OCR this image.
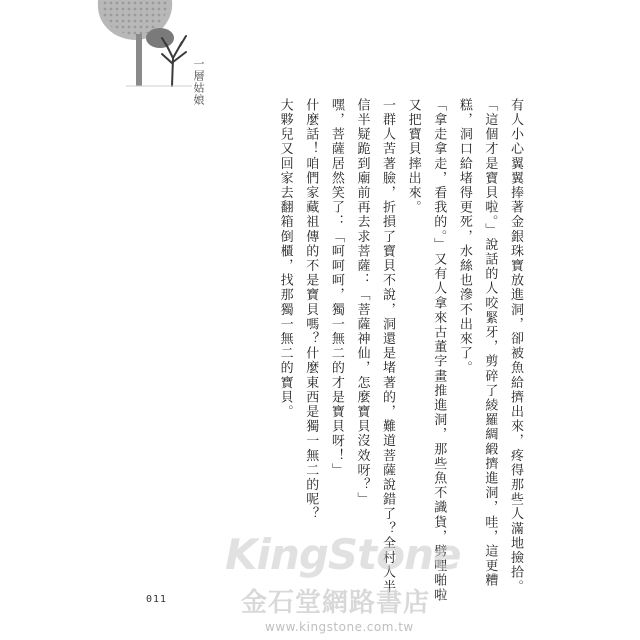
一層姑娘

有人小心翼翼捧著金銀珠寶放進洞，卻被魚給擠出來，疼得那些人滿地撿拾。

「這個才是寶貝啦。」說話的人咬緊牙，剪碎了綾羅綢緞擠進洞，哇，這更糟糕，洞口給堵得更死，水絲也滲不出來了。

「拿走拿走，看我的。」又有人拿來古董字畫推進洞，那些魚不識貨，劈哩啪啦又把寶貝摔出來。

一群人苦著臉，折損了寶貝不說，洞還是堵著的，難道菩薩說錯了？全村人半信半疑跪到廟前再去求菩薩：「菩薩神仙，怎麼寶貝沒效呀？」

嘿，菩薩居然笑了：「呵呵呵，獨一無二的才是寶貝呀！」

什麼話！咱們家藏祖傳的不是寶貝嗎？什麼東西是獨一無二的呢？

大夥兒又回家去翻箱倒櫃，找那獨一無二的寶貝。

011
KingStone
金石堂網路書店
www.kingstone.com.tw
